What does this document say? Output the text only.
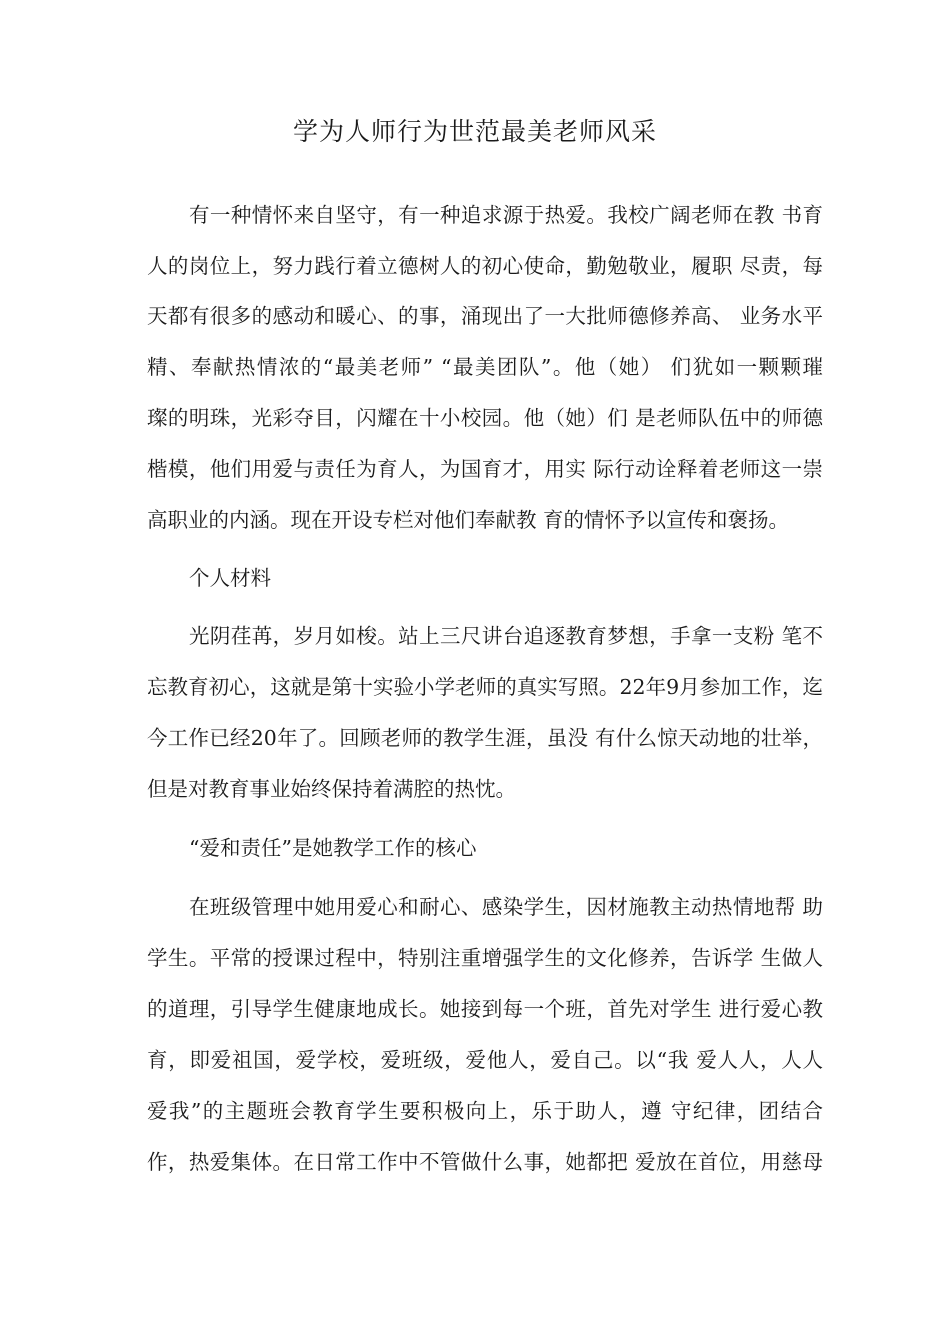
学为人师行为世范最美老师风采

有一种情怀来自坚守，有一种追求源于热爱。我校广阔老师在教 书育

人的岗位上，努力践行着立德树人的初心使命，勤勉敬业，履职 尽责，每

天都有很多的感动和暖心、的事，涌现出了一大批师德修养高、 业务水平

精、奉献热情浓的“最美老师” “最美团队”。他（她） 们犹如一颗颗璀

璨的明珠，光彩夺目，闪耀在十小校园。他（她）们 是老师队伍中的师德

楷模，他们用爱与责任为育人，为国育才，用实 际行动诠释着老师这一崇

高职业的内涵。现在开设专栏对他们奉献教 育的情怀予以宣传和褒扬。

个人材料

光阴荏苒，岁月如梭。站上三尺讲台追逐教育梦想，手拿一支粉 笔不

忘教育初心，这就是第十实验小学老师的真实写照。22年9月参加工作，迄

今工作已经20年了。回顾老师的教学生涯，虽没 有什么惊天动地的壮举，

但是对教育事业始终保持着满腔的热忱。

“爱和责任”是她教学工作的核心

在班级管理中她用爱心和耐心、感染学生，因材施教主动热情地帮 助

学生。平常的授课过程中，特别注重增强学生的文化修养，告诉学 生做人

的道理，引导学生健康地成长。她接到每一个班，首先对学生 进行爱心教

育，即爱祖国，爱学校，爱班级，爱他人，爱自己。以“我 爱人人，人人

爱我”的主题班会教育学生要积极向上，乐于助人，遵 守纪律，团结合

作，热爱集体。在日常工作中不管做什么事，她都把 爱放在首位，用慈母
